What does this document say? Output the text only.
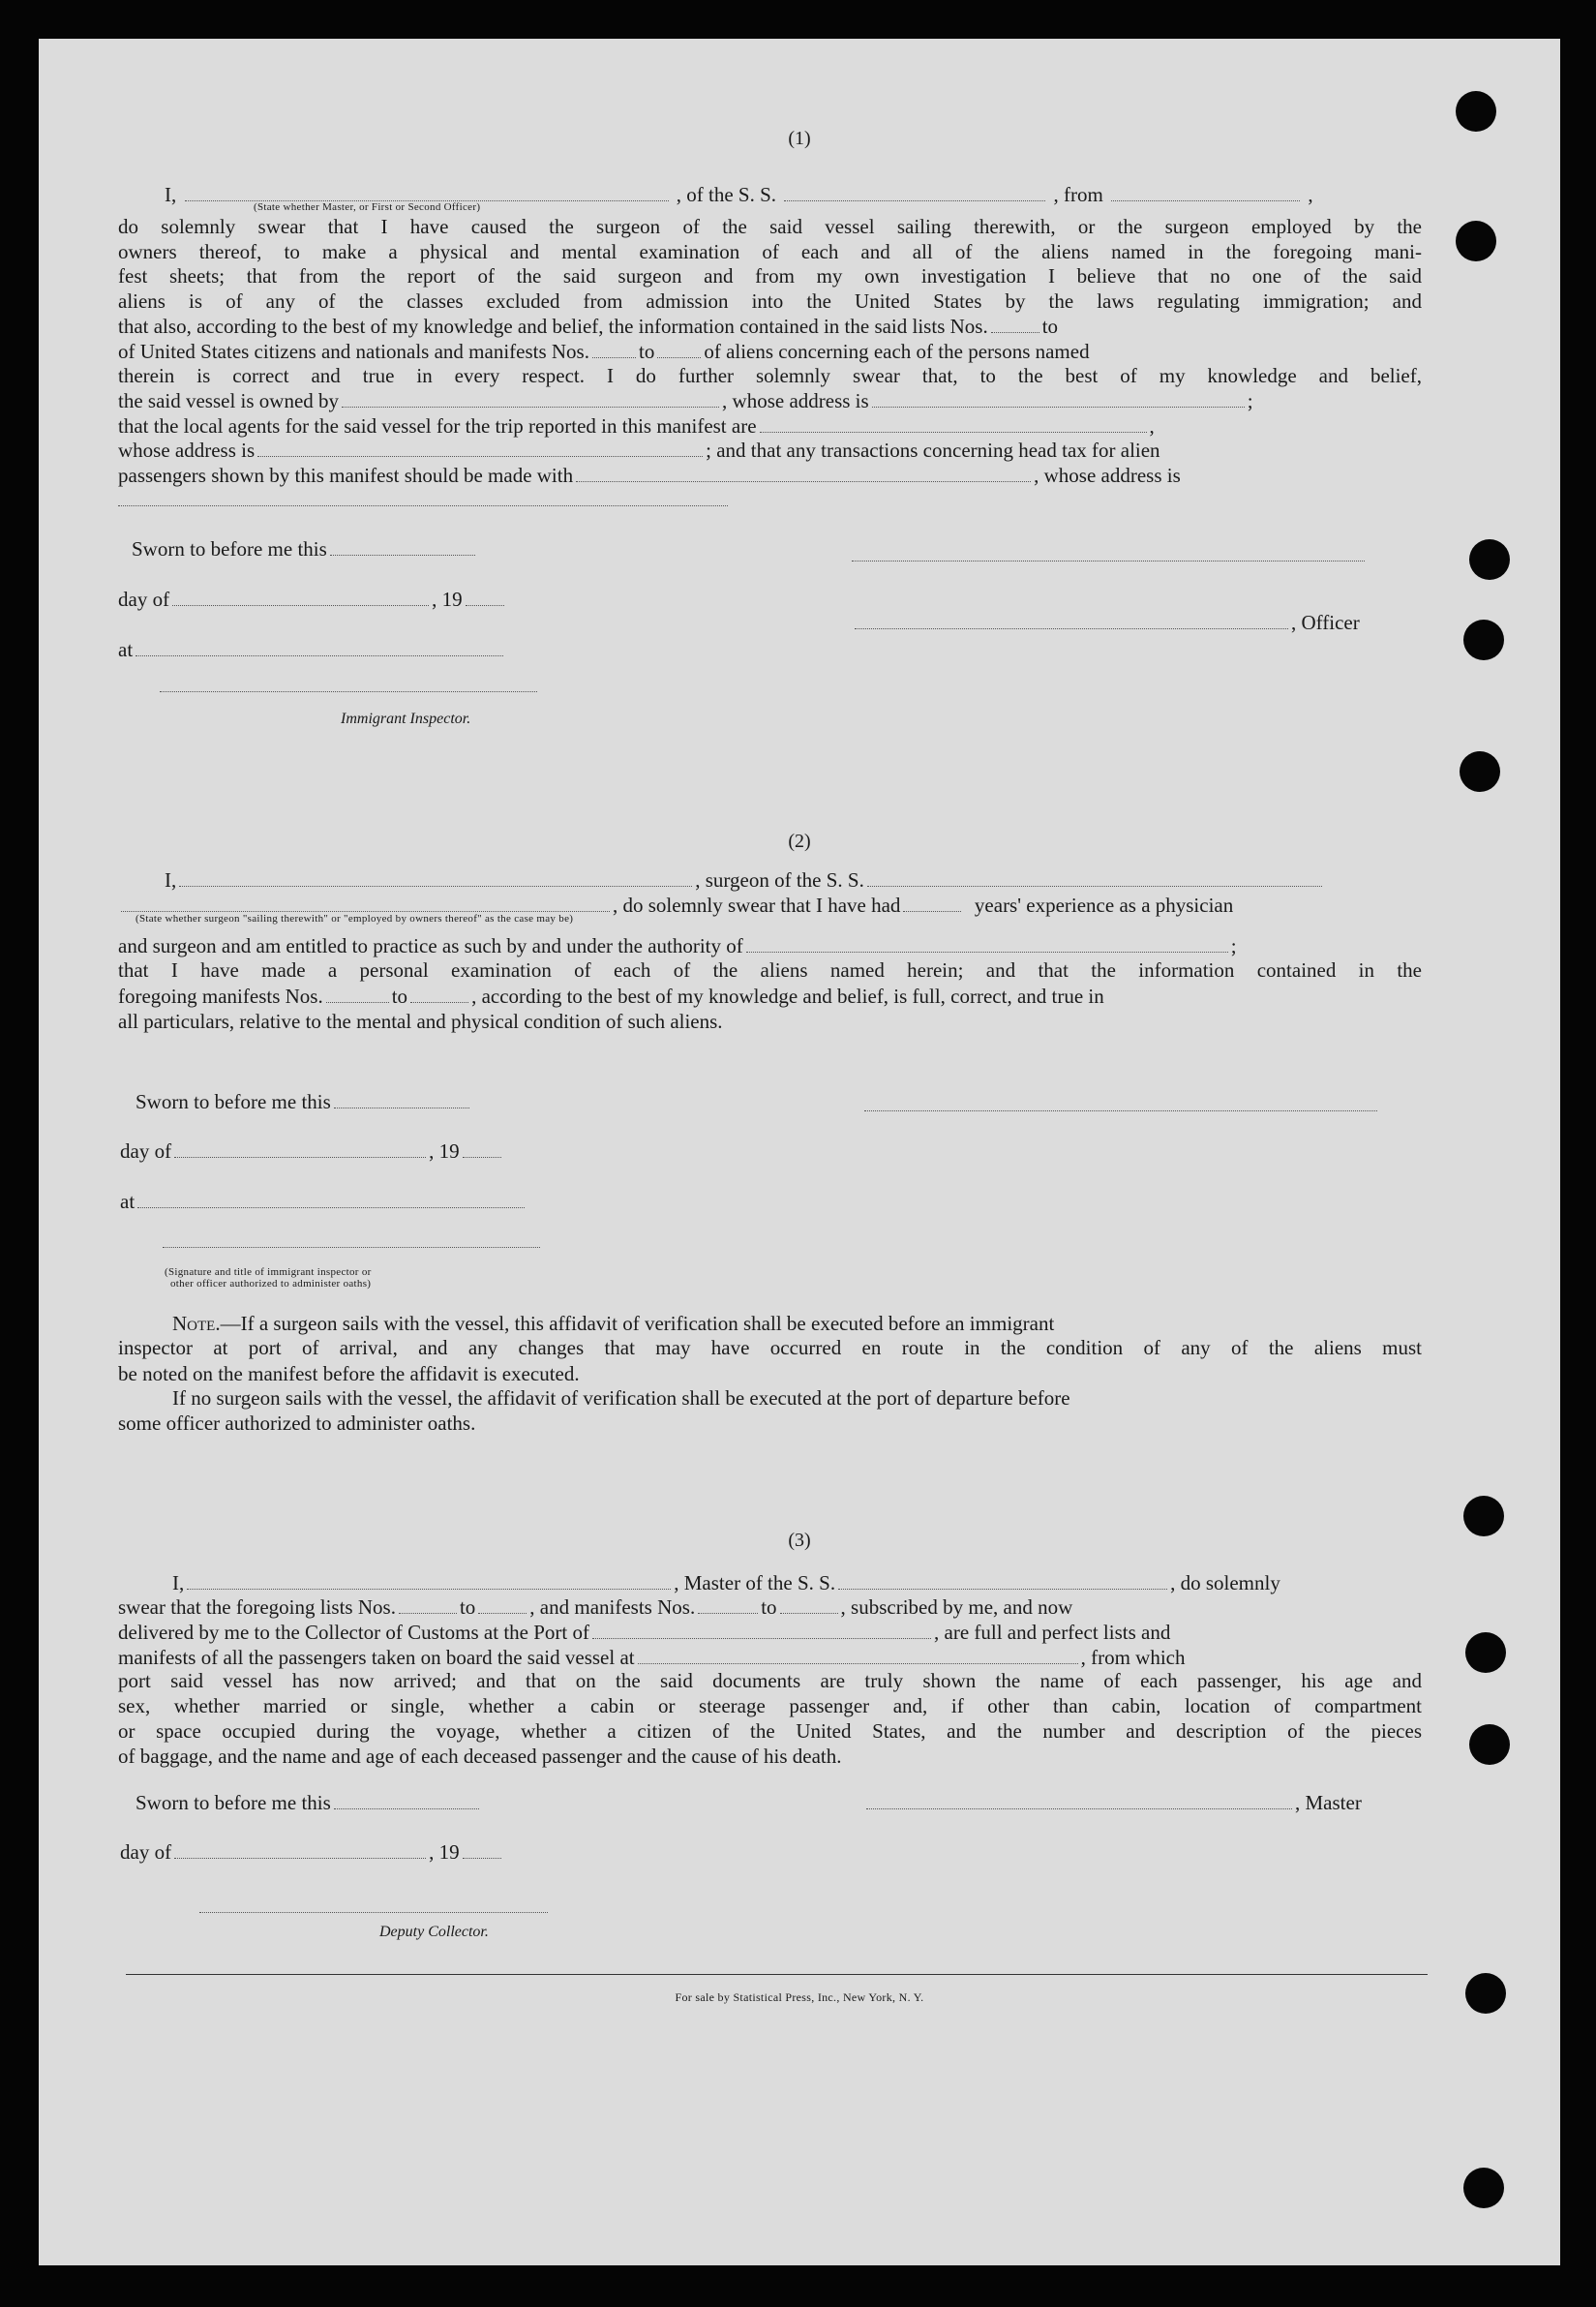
(1)
I,	, of the S. S.	, from	,
(State whether Master, or First or Second Officer)
do solemnly swear that I have caused the surgeon of the said vessel sailing therewith, or the surgeon employed by the
owners thereof, to make a physical and mental examination of each and all of the aliens named in the foregoing mani-
fest sheets; that from the report of the said surgeon and from my own investigation I believe that no one of the said
aliens is of any of the classes excluded from admission into the United States by the laws regulating immigration; and
that also, according to the best of my knowledge and belief, the information contained in the said lists Nos.	to
of United States citizens and nationals and manifests Nos. to of aliens concerning each of the persons named
therein is correct and true in every respect. I do further solemnly swear that, to the best of my knowledge and belief,
the said vessel is owned by	, whose address is	;
that the local agents for the said vessel for the trip reported in this manifest are	,
whose address is	; and that any transactions concerning head tax for alien
passengers shown by this manifest should be made with	, whose address is
Sworn to before me this
day of	, 19
, Officer
at
Immigrant Inspector.
(2)
I,	, surgeon of the S. S.
, do solemnly swear that I have had	years' experience as a physician
(State whether surgeon "sailing therewith" or "employed by owners thereof" as the case may be)
and surgeon and am entitled to practice as such by and under the authority of	;
that I have made a personal examination of each of the aliens named herein; and that the information contained in the
foregoing manifests Nos.	to	, according to the best of my knowledge and belief, is full, correct, and true in
all particulars, relative to the mental and physical condition of such aliens.
Sworn to before me this
day of	, 19
at
(Signature and title of immigrant inspector or
other officer authorized to administer oaths)
Note.—If a surgeon sails with the vessel, this affidavit of verification shall be executed before an immigrant
inspector at port of arrival, and any changes that may have occurred en route in the condition of any of the aliens must
be noted on the manifest before the affidavit is executed.
If no surgeon sails with the vessel, the affidavit of verification shall be executed at the port of departure before
some officer authorized to administer oaths.
(3)
I,	, Master of the S. S.	, do solemnly
swear that the foregoing lists Nos.	to	, and manifests Nos.	to	, subscribed by me, and now
delivered by me to the Collector of Customs at the Port of	, are full and perfect lists and
manifests of all the passengers taken on board the said vessel at	, from which
port said vessel has now arrived; and that on the said documents are truly shown the name of each passenger, his age and
sex, whether married or single, whether a cabin or steerage passenger and, if other than cabin, location of compartment
or space occupied during the voyage, whether a citizen of the United States, and the number and description of the pieces
of baggage, and the name and age of each deceased passenger and the cause of his death.
Sworn to before me this	, Master
day of	, 19
Deputy Collector.
For sale by Statistical Press, Inc., New York, N. Y.
